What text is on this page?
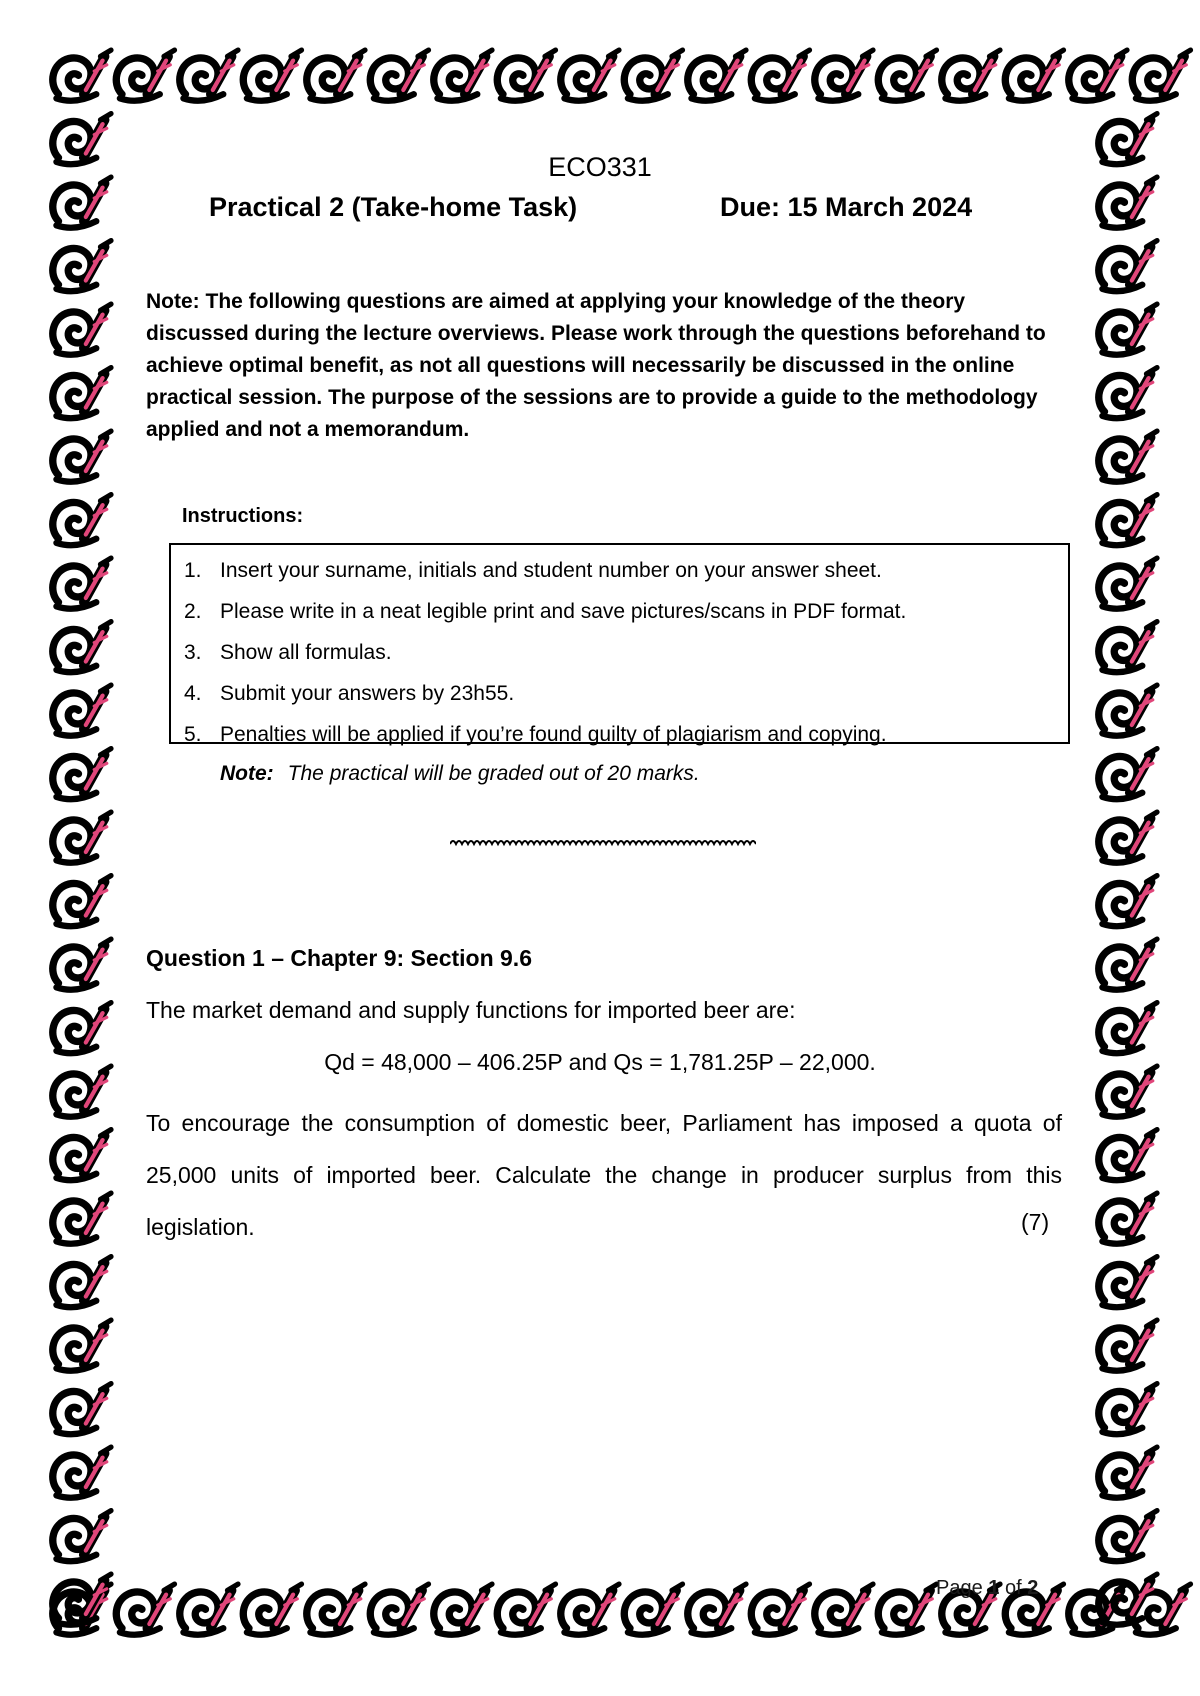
ECO331
Practical 2 (Take-home Task)	Due: 15 March 2024
Note: The following questions are aimed at applying your knowledge of the theory discussed during the lecture overviews. Please work through the questions beforehand to achieve optimal benefit, as not all questions will necessarily be discussed in the online practical session. The purpose of the sessions are to provide a guide to the methodology applied and not a memorandum.
Instructions:
1. Insert your surname, initials and student number on your answer sheet.
2. Please write in a neat legible print and save pictures/scans in PDF format.
3. Show all formulas.
4. Submit your answers by 23h55.
5. Penalties will be applied if you’re found guilty of plagiarism and copying.
Note: The practical will be graded out of 20 marks.
Question 1 – Chapter 9: Section 9.6
The market demand and supply functions for imported beer are:
Qd = 48,000 – 406.25P and Qs = 1,781.25P – 22,000.
To encourage the consumption of domestic beer, Parliament has imposed a quota of 25,000 units of imported beer. Calculate the change in producer surplus from this legislation.	(7)
Page 1 of 2
